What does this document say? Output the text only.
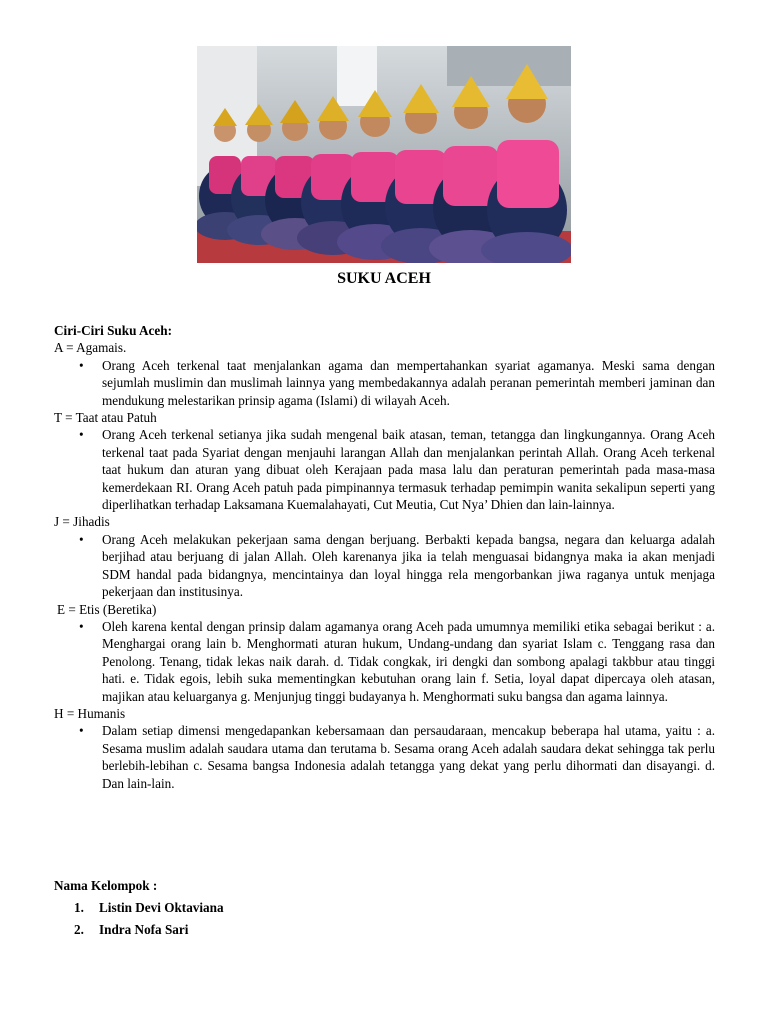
SUKU ACEH
Ciri-Ciri Suku Aceh:
A = Agamais.
• Orang Aceh terkenal taat menjalankan agama dan mempertahankan syariat agamanya. Meski sama dengan sejumlah muslimin dan muslimah lainnya yang membedakannya adalah peranan pemerintah memberi jaminan dan mendukung melestarikan prinsip agama (Islami) di wilayah Aceh.
T = Taat atau Patuh
• Orang Aceh terkenal setianya jika sudah mengenal baik atasan, teman, tetangga dan lingkungannya. Orang Aceh terkenal taat pada Syariat dengan menjauhi larangan Allah dan menjalankan perintah Allah. Orang Aceh terkenal taat hukum dan aturan yang dibuat oleh Kerajaan pada masa lalu dan peraturan pemerintah pada masa-masa kemerdekaan RI. Orang Aceh patuh pada pimpinannya termasuk terhadap pemimpin wanita sekalipun seperti yang diperlihatkan terhadap Laksamana Kuemalahayati, Cut Meutia, Cut Nya’ Dhien dan lain-lainnya.
J = Jihadis
• Orang Aceh melakukan pekerjaan sama dengan berjuang. Berbakti kepada bangsa, negara dan keluarga adalah berjihad atau berjuang di jalan Allah. Oleh karenanya jika ia telah menguasai bidangnya maka ia akan menjadi SDM handal pada bidangnya, mencintainya dan loyal hingga rela mengorbankan jiwa raganya untuk menjaga pekerjaan dan institusinya.
E = Etis (Beretika)
• Oleh karena kental dengan prinsip dalam agamanya orang Aceh pada umumnya memiliki etika sebagai berikut : a. Menghargai orang lain b. Menghormati aturan hukum, Undang-undang dan syariat Islam c. Tenggang rasa dan Penolong. Tenang, tidak lekas naik darah. d. Tidak congkak, iri dengki dan sombong apalagi takbbur atau tinggi hati. e. Tidak egois, lebih suka mementingkan kebutuhan orang lain f. Setia, loyal dapat dipercaya oleh atasan, majikan atau keluarganya g. Menjunjug tinggi budayanya h. Menghormati suku bangsa dan agama lainnya.
H = Humanis
• Dalam setiap dimensi mengedapankan kebersamaan dan persaudaraan, mencakup beberapa hal utama, yaitu : a. Sesama muslim adalah saudara utama dan terutama b. Sesama orang Aceh adalah saudara dekat sehingga tak perlu berlebih-lebihan c. Sesama bangsa Indonesia adalah tetangga yang dekat yang perlu dihormati dan disayangi. d. Dan lain-lain.
Nama Kelompok :
1. Listin Devi Oktaviana
2. Indra Nofa Sari
